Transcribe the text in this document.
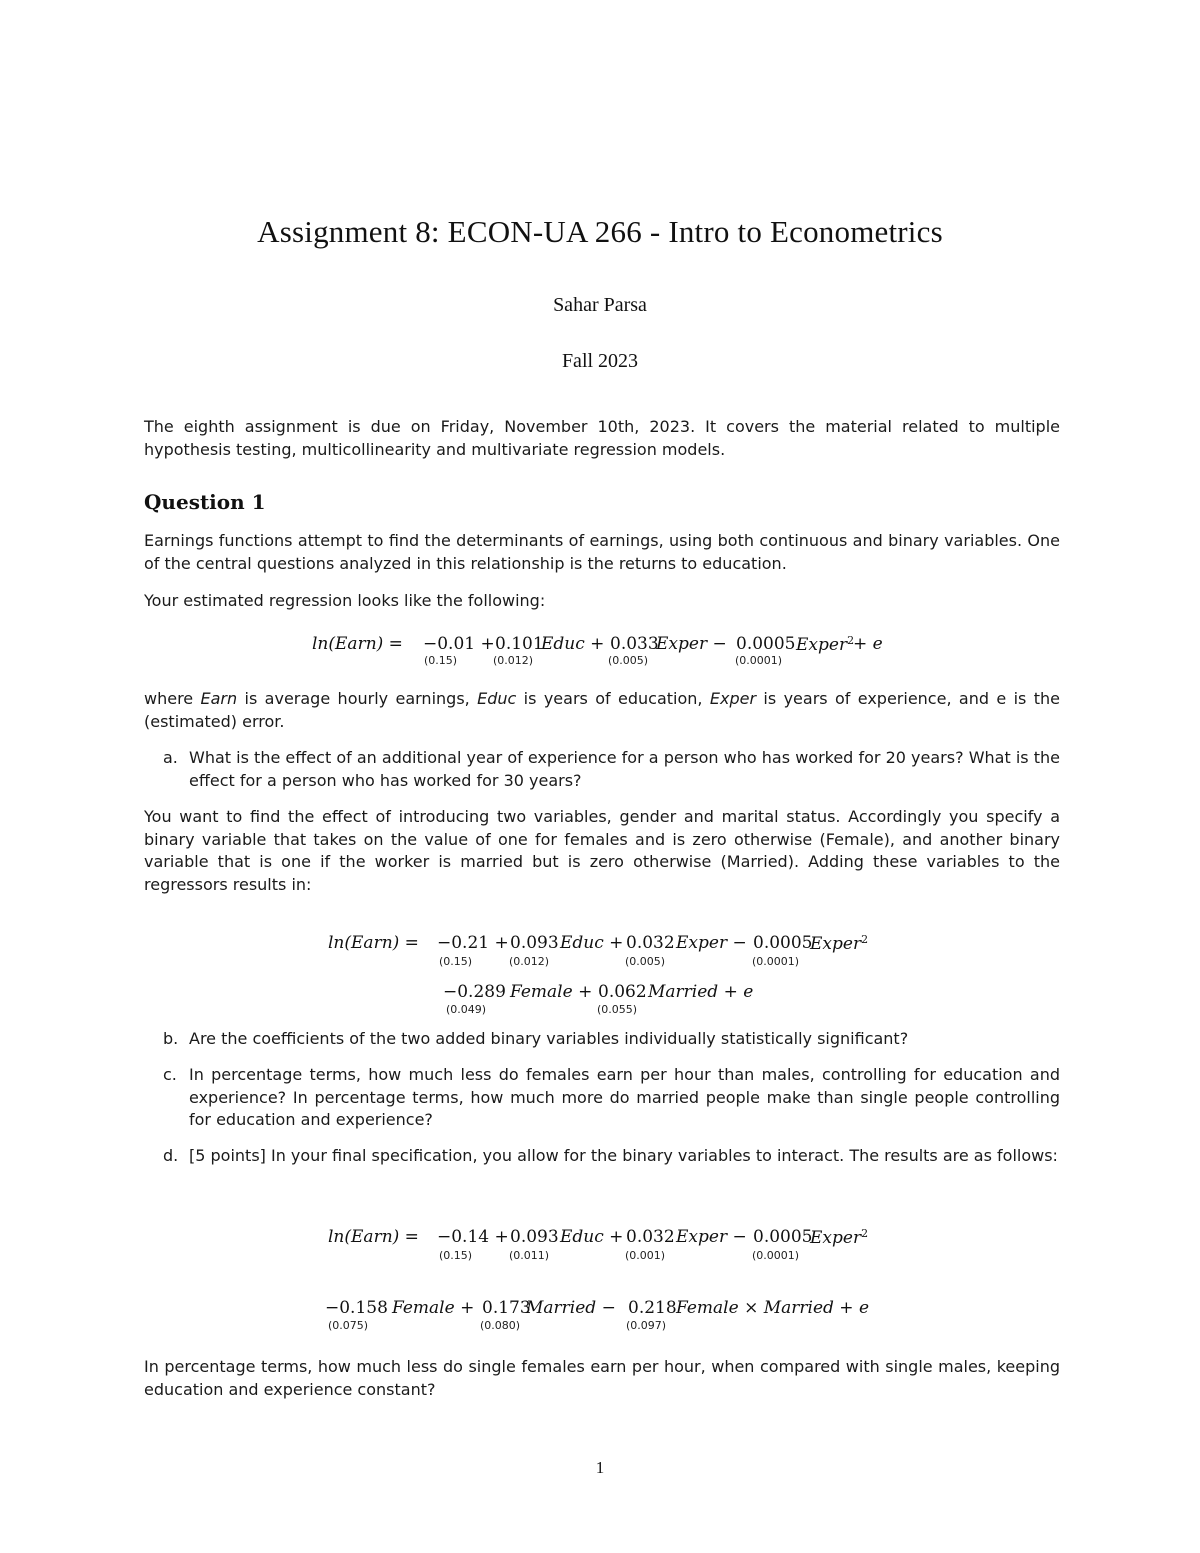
Assignment 8: ECON-UA 266 - Intro to Econometrics
Sahar Parsa
Fall 2023
The eighth assignment is due on Friday, November 10th, 2023. It covers the material related to multiple hypothesis testing, multicollinearity and multivariate regression models.
Question 1
Earnings functions attempt to find the determinants of earnings, using both continuous and binary variables. One of the central questions analyzed in this relationship is the returns to education.
Your estimated regression looks like the following:
ln(Earn) = −0.01 + 0.101
Educ + 0.033
Exper − 0.0005 Exper$^2$
+ e
(0.15)	(0.012)	(0.005)	(0.0001)
where Earn is average hourly earnings, Educ is years of education, Exper is years of experience, and e is the (estimated) error.
a. What is the effect of an additional year of experience for a person who has worked for 20 years? What is the effect for a person who has worked for 30 years?
You want to find the effect of introducing two variables, gender and marital status. Accordingly you specify a binary variable that takes on the value of one for females and is zero otherwise (Female), and another binary variable that is one if the worker is married but is zero otherwise (Married). Adding these variables to the regressors results in:
ln(Earn) = −0.21 + 0.093 Educ + 0.032 Exper − 0.0005
Exper$^2$
(0.15)	(0.012)	(0.005)	(0.0001)
−0.289 Female + 0.062 Married + e
(0.049)	(0.055)
b. Are the coefficients of the two added binary variables individually statistically significant?
c. In percentage terms, how much less do females earn per hour than males, controlling for education and experience? In percentage terms, how much more do married people make than single people controlling for education and experience?
d. [5 points] In your final specification, you allow for the binary variables to interact. The results are as follows:
ln(Earn) = −0.14 + 0.093 Educ + 0.032 Exper − 0.0005
Exper$^2$
(0.15)	(0.011)	(0.001)	(0.0001)
−0.158 Female + 0.173
Married − 0.218 Female × Married + e
(0.075)	(0.080)	(0.097)
In percentage terms, how much less do single females earn per hour, when compared with single males, keeping education and experience constant?
1
